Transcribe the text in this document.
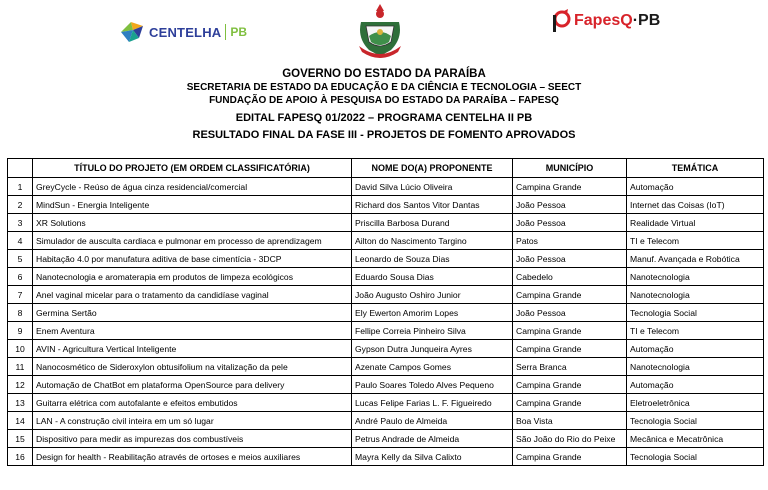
CENTELHA PB
FapesQ·PB
GOVERNO DO ESTADO DA PARAÍBA
SECRETARIA DE ESTADO DA EDUCAÇÃO E DA CIÊNCIA E TECNOLOGIA – SEECT
FUNDAÇÃO DE APOIO À PESQUISA DO ESTADO DA PARAÍBA – FAPESQ
EDITAL FAPESQ 01/2022 – PROGRAMA CENTELHA II PB
RESULTADO FINAL DA FASE III - PROJETOS DE FOMENTO APROVADOS
	TÍTULO DO PROJETO (EM ORDEM CLASSIFICATÓRIA)	NOME DO(A) PROPONENTE	MUNICÍPIO	TEMÁTICA
1	GreyCycle - Reúso de água cinza residencial/comercial	David Silva Lúcio Oliveira	Campina Grande	Automação
2	MindSun - Energia Inteligente	Richard dos Santos Vitor Dantas	João Pessoa	Internet das Coisas (IoT)
3	XR Solutions	Priscilla Barbosa Durand	João Pessoa	Realidade Virtual
4	Simulador de ausculta cardiaca e pulmonar em processo de aprendizagem	Ailton do Nascimento Targino	Patos	TI e Telecom
5	Habitação 4.0 por manufatura aditiva de base cimentícia - 3DCP	Leonardo de Souza Dias	João Pessoa	Manuf. Avançada e Robótica
6	Nanotecnologia e aromaterapia em produtos de limpeza ecológicos	Eduardo Sousa Dias	Cabedelo	Nanotecnologia
7	Anel vaginal micelar para o tratamento da candidíase vaginal	João Augusto Oshiro Junior	Campina Grande	Nanotecnologia
8	Germina Sertão	Ely Ewerton Amorim Lopes	João Pessoa	Tecnologia Social
9	Enem Aventura	Fellipe Correia Pinheiro Silva	Campina Grande	TI e Telecom
10	AVIN - Agricultura Vertical Inteligente	Gypson Dutra Junqueira Ayres	Campina Grande	Automação
11	Nanocosmético de Sideroxylon obtusifolium na vitalização da pele	Azenate Campos Gomes	Serra Branca	Nanotecnologia
12	Automação de ChatBot em plataforma OpenSource para delivery	Paulo Soares Toledo Alves Pequeno	Campina Grande	Automação
13	Guitarra elétrica com autofalante e efeitos embutidos	Lucas Felipe Farias L. F. Figueiredo	Campina Grande	Eletroeletrônica
14	LAN - A construção civil inteira em um só lugar	André Paulo de Almeida	Boa Vista	Tecnologia Social
15	Dispositivo para medir as impurezas dos combustíveis	Petrus Andrade de Almeida	São João do Rio do Peixe	Mecânica e Mecatrônica
16	Design for health - Reabilitação através de ortoses e meios auxiliares	Mayra Kelly da Silva Calixto	Campina Grande	Tecnologia Social
